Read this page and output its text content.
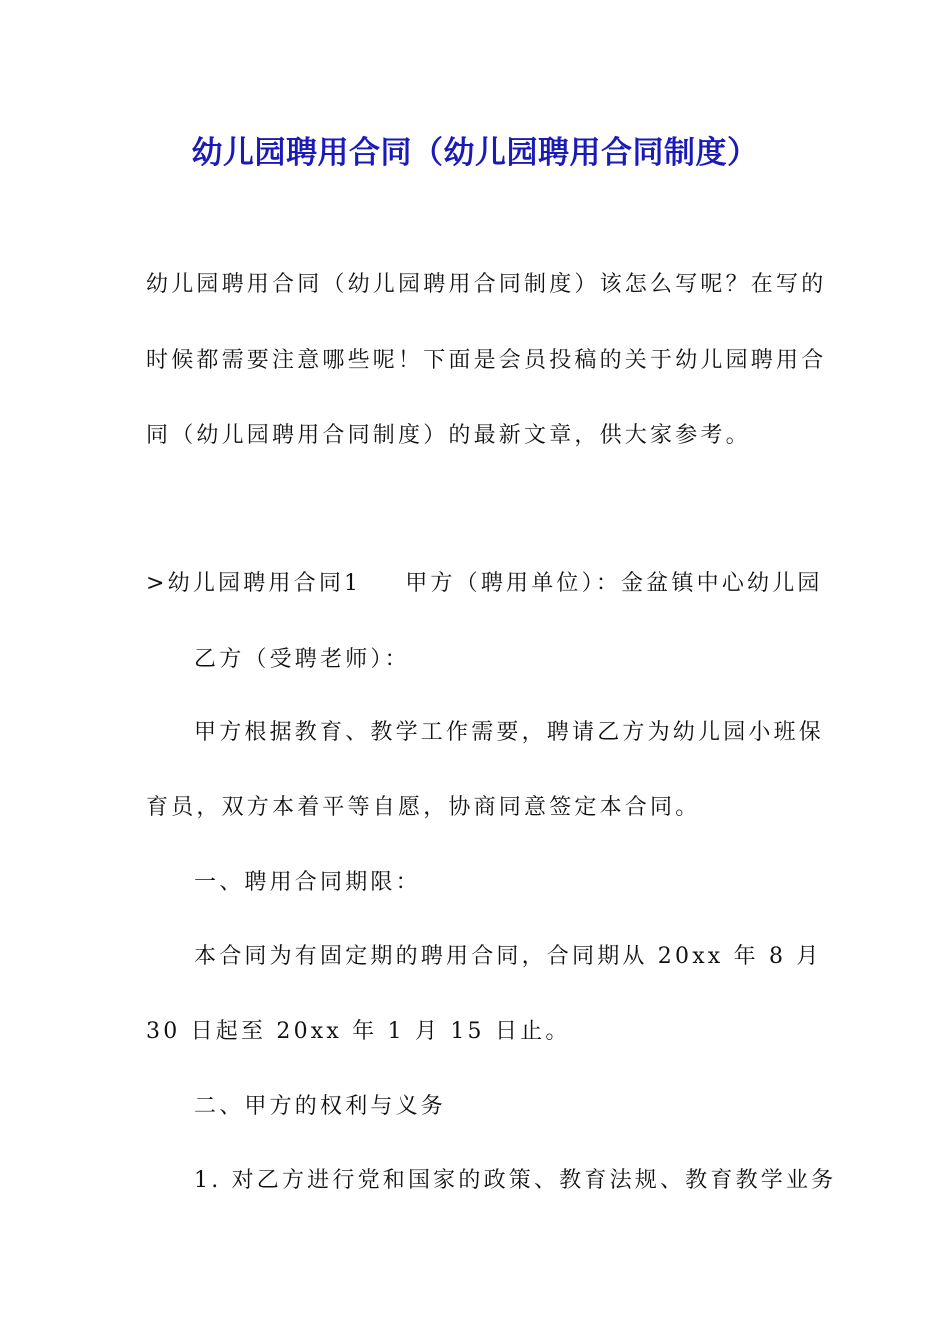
幼儿园聘用合同（幼儿园聘用合同制度）
幼儿园聘用合同（幼儿园聘用合同制度）该怎么写呢？在写的
时候都需要注意哪些呢！下面是会员投稿的关于幼儿园聘用合
同（幼儿园聘用合同制度）的最新文章，供大家参考。
>幼儿园聘用合同1 甲方（聘用单位）：金盆镇中心幼儿园
乙方（受聘老师）：
甲方根据教育、教学工作需要，聘请乙方为幼儿园小班保
育员，双方本着平等自愿，协商同意签定本合同。
一、聘用合同期限：
本合同为有固定期的聘用合同，合同期从 20xx 年 8 月
30 日起至 20xx 年 1 月 15 日止。
二、甲方的权利与义务
1. 对乙方进行党和国家的政策、教育法规、教育教学业务
